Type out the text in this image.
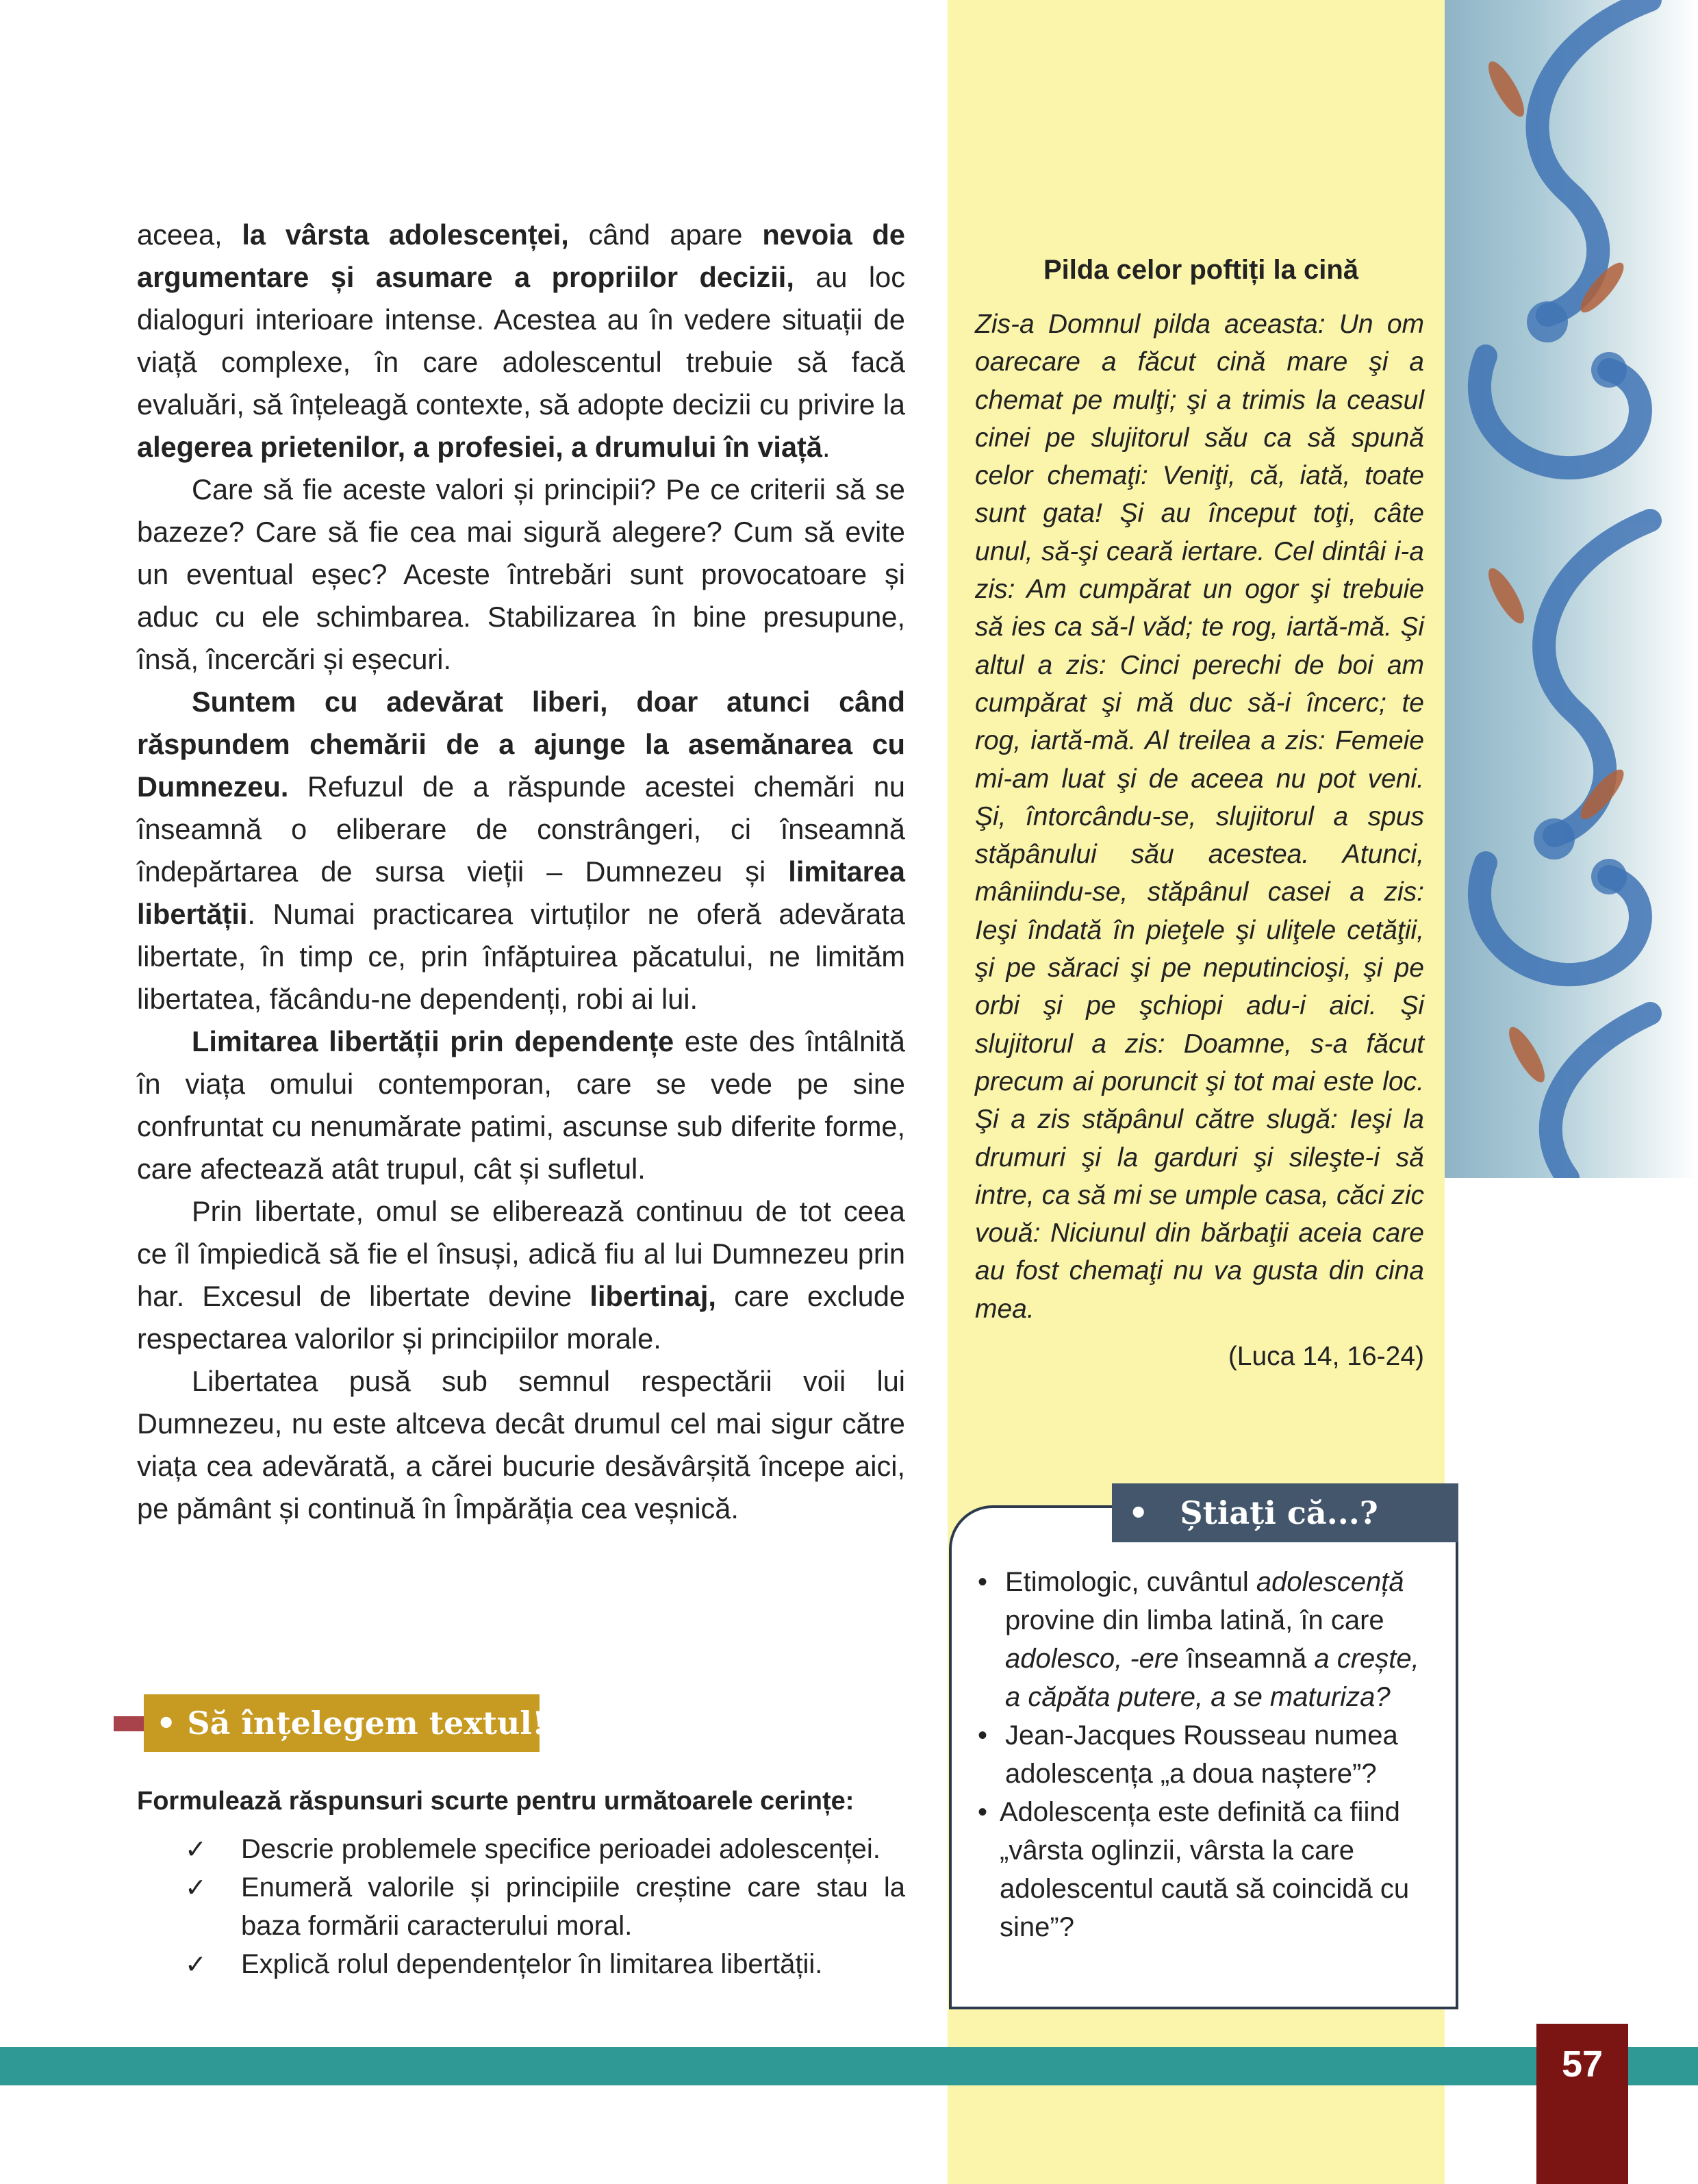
aceea, la vârsta adolescenței, când apare nevoia de argumentare și asumare a propriilor decizii, au loc dialoguri interioare intense. Acestea au în vedere situații de viață complexe, în care adolescentul trebuie să facă evaluări, să înțeleagă contexte, să adopte decizii cu privire la alegerea prietenilor, a profesiei, a drumului în viață.

Care să fie aceste valori și principii? Pe ce criterii să se bazeze? Care să fie cea mai sigură alegere? Cum să evite un eventual eșec? Aceste întrebări sunt provocatoare și aduc cu ele schimbarea. Stabilizarea în bine presupune, însă, încercări și eșecuri.

Suntem cu adevărat liberi, doar atunci când răspundem chemării de a ajunge la asemănarea cu Dumnezeu. Refuzul de a răspunde acestei chemări nu înseamnă o eliberare de constrângeri, ci înseamnă îndepărtarea de sursa vieții – Dumnezeu și limitarea libertății. Numai practicarea virtuților ne oferă adevărata libertate, în timp ce, prin înfăptuirea păcatului, ne limităm libertatea, făcându-ne dependenți, robi ai lui.

Limitarea libertății prin dependențe este des întâlnită în viața omului contemporan, care se vede pe sine confruntat cu nenumărate patimi, ascunse sub diferite forme, care afectează atât trupul, cât și sufletul.

Prin libertate, omul se eliberează continuu de tot ceea ce îl împiedică să fie el însuși, adică fiu al lui Dumnezeu prin har. Excesul de libertate devine libertinaj, care exclude respectarea valorilor și principiilor morale.

Libertatea pusă sub semnul respectării voii lui Dumnezeu, nu este altceva decât drumul cel mai sigur către viața cea adevărată, a cărei bucurie desăvârșită începe aici, pe pământ și continuă în Împărăția cea veșnică.

• Să înțelegem textul!
Formulează răspunsuri scurte pentru următoarele cerințe:
✓ Descrie problemele specifice perioadei adolescenței.
✓ Enumeră valorile și principiile creștine care stau la baza formării caracterului moral.
✓ Explică rolul dependențelor în limitarea libertății.
Pilda celor poftiți la cină

Zis-a Domnul pilda aceasta: Un om oarecare a făcut cină mare şi a chemat pe mulţi; şi a trimis la ceasul cinei pe slujitorul său ca să spună celor chemaţi: Veniţi, că, iată, toate sunt gata! Şi au început toţi, câte unul, să-şi ceară iertare. Cel dintâi i-a zis: Am cumpărat un ogor şi trebuie să ies ca să-l văd; te rog, iartă-mă. Şi altul a zis: Cinci perechi de boi am cumpărat şi mă duc să-i încerc; te rog, iartă-mă. Al treilea a zis: Femeie mi-am luat şi de aceea nu pot veni. Şi, întorcându-se, slujitorul a spus stăpânului său acestea. Atunci, mâniindu-se, stăpânul casei a zis: Ieşi îndată în pieţele şi uliţele cetăţii, şi pe săraci şi pe neputincioşi, şi pe orbi şi pe şchiopi adu-i aici. Şi slujitorul a zis: Doamne, s-a făcut precum ai poruncit şi tot mai este loc. Şi a zis stăpânul către slugă: Ieşi la drumuri şi la garduri şi sileşte-i să intre, ca să mi se umple casa, căci zic vouă: Niciunul din bărbaţii aceia care au fost chemaţi nu va gusta din cina mea.

(Luca 14, 16-24)
• Știați că...?
• Etimologic, cuvântul adolescență provine din limba latină, în care adolesco, -ere înseamnă a crește, a căpăta putere, a se maturiza?
• Jean-Jacques Rousseau numea adolescența „a doua naștere”?
• Adolescența este definită ca fiind „vârsta oglinzii, vârsta la care adolescentul caută să coincidă cu sine”?
57
